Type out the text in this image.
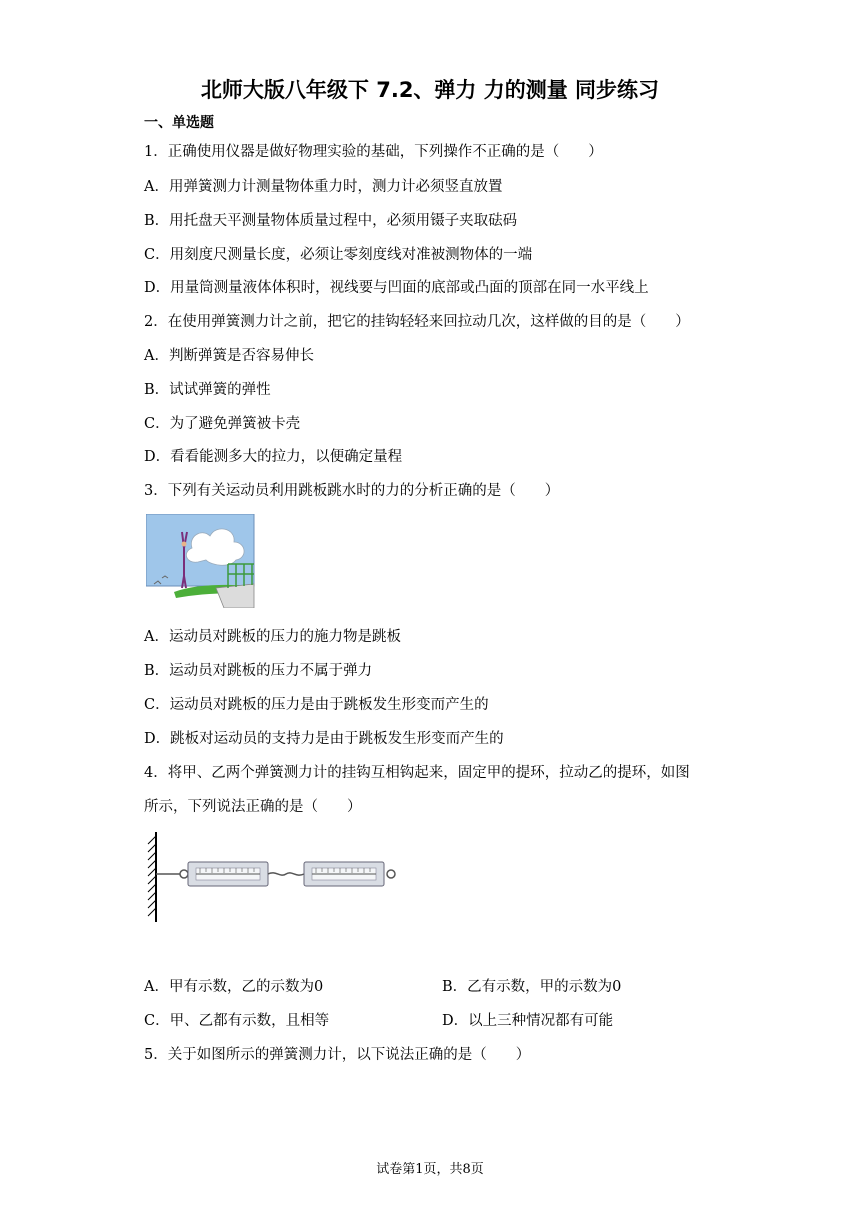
北师大版八年级下 7.2、弹力 力的测量 同步练习
一、单选题
1．正确使用仪器是做好物理实验的基础，下列操作不正确的是（　　）
A．用弹簧测力计测量物体重力时，测力计必须竖直放置
B．用托盘天平测量物体质量过程中，必须用镊子夹取砝码
C．用刻度尺测量长度，必须让零刻度线对准被测物体的一端
D．用量筒测量液体体积时，视线要与凹面的底部或凸面的顶部在同一水平线上
2．在使用弹簧测力计之前，把它的挂钩轻轻来回拉动几次，这样做的目的是（　　）
A．判断弹簧是否容易伸长
B．试试弹簧的弹性
C．为了避免弹簧被卡壳
D．看看能测多大的拉力，以便确定量程
3．下列有关运动员利用跳板跳水时的力的分析正确的是（　　）
A．运动员对跳板的压力的施力物是跳板
B．运动员对跳板的压力不属于弹力
C．运动员对跳板的压力是由于跳板发生形变而产生的
D．跳板对运动员的支持力是由于跳板发生形变而产生的
4．将甲、乙两个弹簧测力计的挂钩互相钩起来，固定甲的提环，拉动乙的提环，如图
所示，下列说法正确的是（　　）
A．甲有示数，乙的示数为0	B．乙有示数，甲的示数为0
C．甲、乙都有示数，且相等	D．以上三种情况都有可能
5．关于如图所示的弹簧测力计，以下说法正确的是（　　）
试卷第1页，共8页
